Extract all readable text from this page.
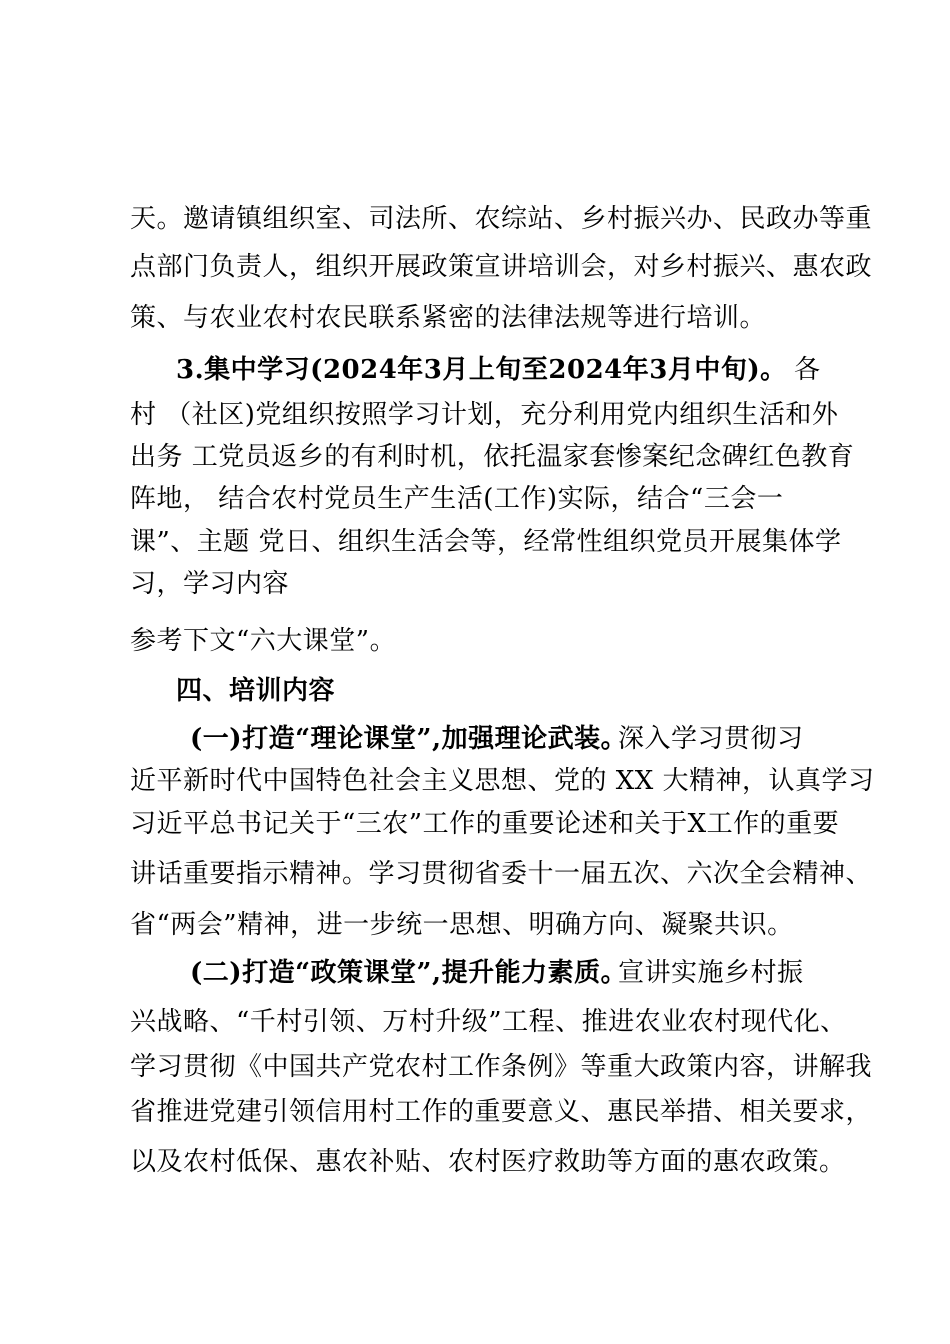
天。邀请镇组织室、司法所、农综站、乡村振兴办、民政办等重
点部门负责人，组织开展政策宣讲培训会，对乡村振兴、惠农政
策、与农业农村农民联系紧密的法律法规等进行培训。
3.集中学习(2024年3月上旬至2024年3月中旬)。 各
村 （社区)党组织按照学习计划，充分利用党内组织生活和外
出务 工党员返乡的有利时机，依托温家套惨案纪念碑红色教育
阵地， 结合农村党员生产生活(工作)实际，结合“三会一
课”、主题 党日、组织生活会等，经常性组织党员开展集体学
习，学习内容
参考下文“六大课堂”。
四、培训内容
(一)打造“理论课堂”,加强理论武装。
深入学习贯彻习
近平新时代中国特色社会主义思想、党的 XX 大精神，认真学习
习近平总书记关于“三农”工作的重要论述和关于X工作的重要
讲话重要指示精神。学习贯彻省委十一届五次、六次全会精神、
省“两会”精神，进一步统一思想、明确方向、凝聚共识。
(二)打造“政策课堂”,提升能力素质。
宣讲实施乡村振
兴战略、“千村引领、万村升级”工程、推进农业农村现代化、
学习贯彻《中国共产党农村工作条例》等重大政策内容，讲解我
省推进党建引领信用村工作的重要意义、惠民举措、相关要求，
以及农村低保、惠农补贴、农村医疗救助等方面的惠农政策。
